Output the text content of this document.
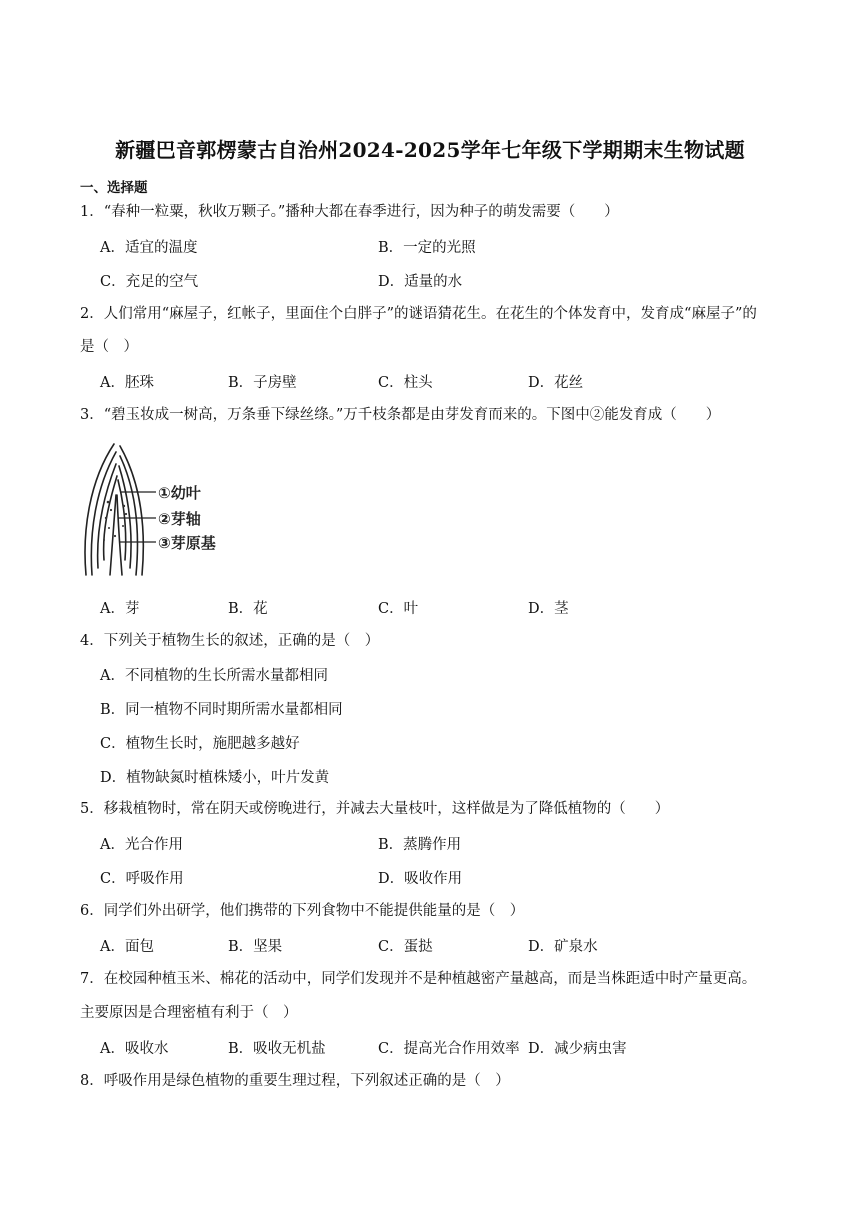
新疆巴音郭楞蒙古自治州2024-2025学年七年级下学期期末生物试题
一、选择题
1．“春种一粒粟，秋收万颗子。”播种大都在春季进行，因为种子的萌发需要（　　）
A．适宜的温度	B．一定的光照
C．充足的空气	D．适量的水
2．人们常用“麻屋子，红帐子，里面住个白胖子”的谜语猜花生。在花生的个体发育中，发育成“麻屋子”的
是（　）
A．胚珠	B．子房壁	C．柱头	D．花丝
3．“碧玉妆成一树高，万条垂下绿丝绦。”万千枝条都是由芽发育而来的。下图中②能发育成（　　）
①幼叶
②芽轴
③芽原基
A．芽	B．花	C．叶	D．茎
4．下列关于植物生长的叙述，正确的是（　）
A．不同植物的生长所需水量都相同
B．同一植物不同时期所需水量都相同
C．植物生长时，施肥越多越好
D．植物缺氮时植株矮小，叶片发黄
5．移栽植物时，常在阴天或傍晚进行，并减去大量枝叶，这样做是为了降低植物的（　　）
A．光合作用	B．蒸腾作用
C．呼吸作用	D．吸收作用
6．同学们外出研学，他们携带的下列食物中不能提供能量的是（　）
A．面包	B．坚果	C．蛋挞	D．矿泉水
7．在校园种植玉米、棉花的活动中，同学们发现并不是种植越密产量越高，而是当株距适中时产量更高。
主要原因是合理密植有利于（　）
A．吸收水	B．吸收无机盐	C．提高光合作用效率 D．减少病虫害
8．呼吸作用是绿色植物的重要生理过程，下列叙述正确的是（　）
